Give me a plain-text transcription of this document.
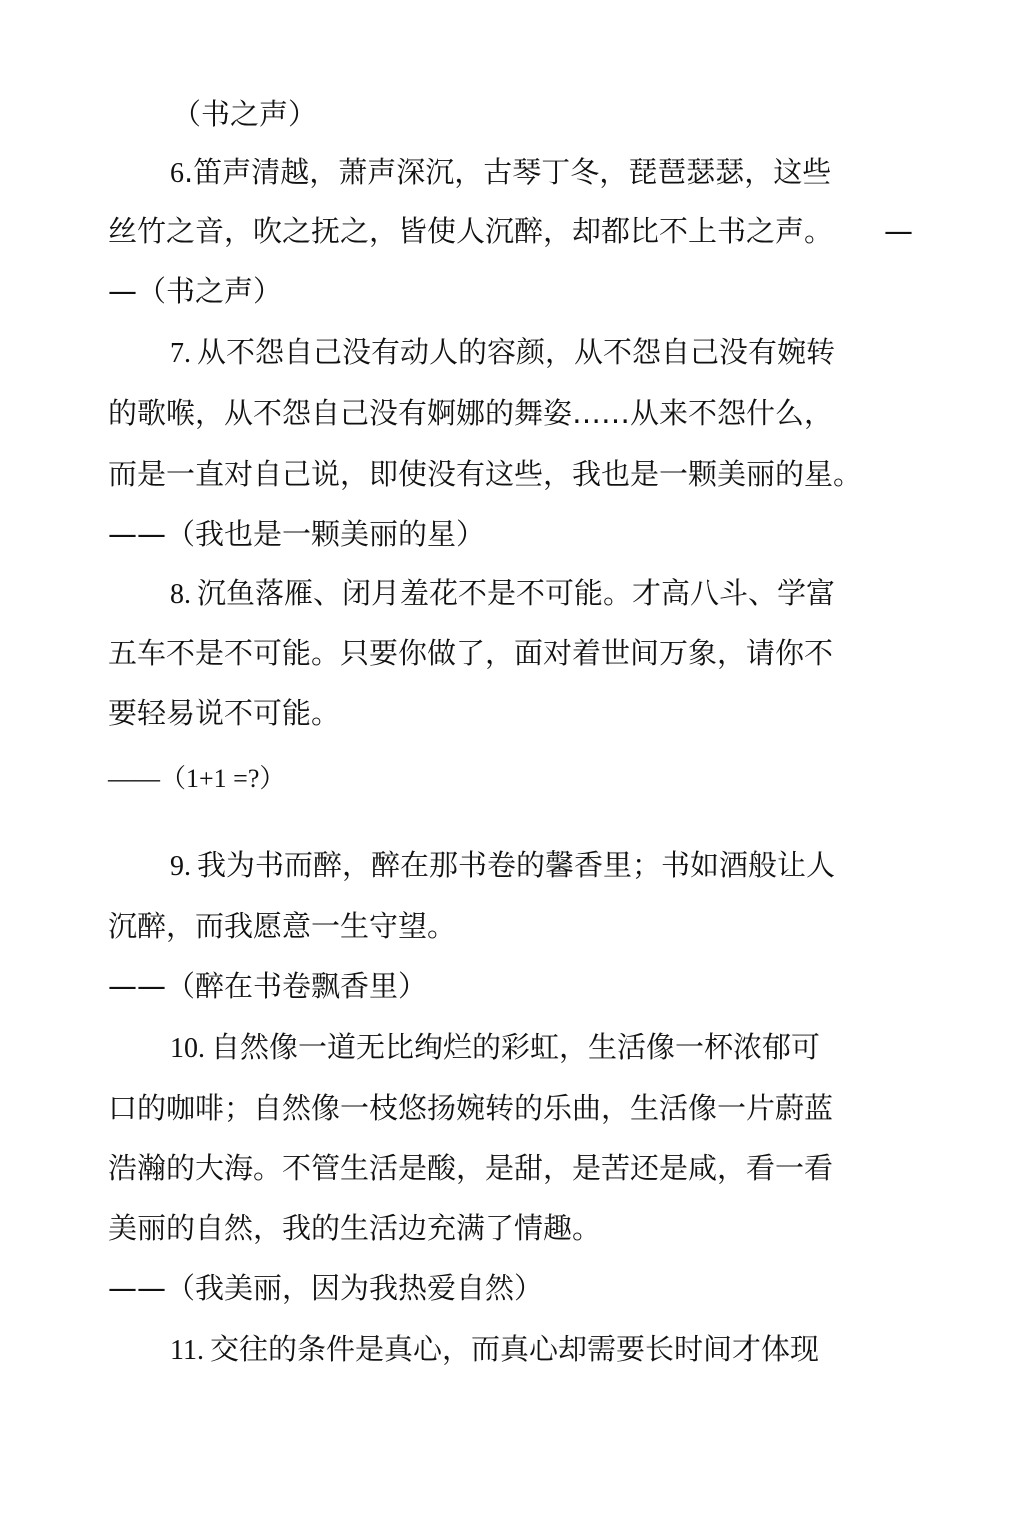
（书之声）
6.笛声清越，萧声深沉，古琴丁冬，琵琶瑟瑟，这些
丝竹之音，吹之抚之，皆使人沉醉，却都比不上书之声。 —
—（书之声）
7. 从不怨自己没有动人的容颜，从不怨自己没有婉转
的歌喉，从不怨自己没有婀娜的舞姿……从来不怨什么，
而是一直对自己说，即使没有这些，我也是一颗美丽的星。
——（我也是一颗美丽的星）
8. 沉鱼落雁、闭月羞花不是不可能。才高八斗、学富
五车不是不可能。只要你做了，面对着世间万象，请你不
要轻易说不可能。
——（1+1 =?）
9. 我为书而醉，醉在那书卷的馨香里；书如酒般让人
沉醉，而我愿意一生守望。
——（醉在书卷飘香里）
10. 自然像一道无比绚烂的彩虹，生活像一杯浓郁可
口的咖啡；自然像一枝悠扬婉转的乐曲，生活像一片蔚蓝
浩瀚的大海。不管生活是酸，是甜，是苦还是咸，看一看
美丽的自然，我的生活边充满了情趣。
——（我美丽，因为我热爱自然）
11. 交往的条件是真心，而真心却需要长时间才体现
